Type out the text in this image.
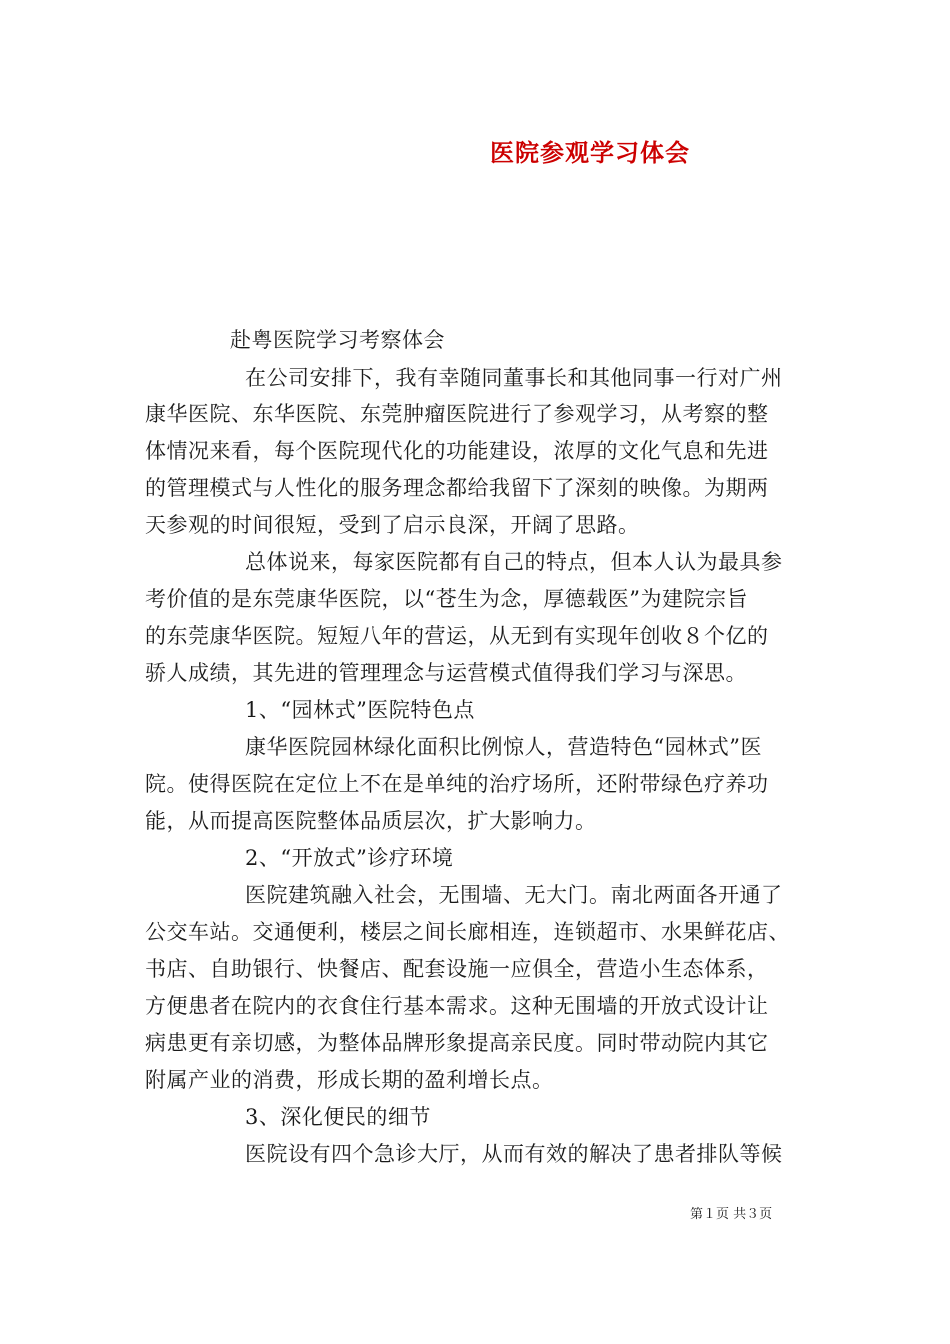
医院参观学习体会
赴粤医院学习考察体会
在公司安排下，我有幸随同董事长和其他同事一行对广州
康华医院、东华医院、东莞肿瘤医院进行了参观学习，从考察的整
体情况来看，每个医院现代化的功能建设，浓厚的文化气息和先进
的管理模式与人性化的服务理念都给我留下了深刻的映像。为期两
天参观的时间很短，受到了启示良深，开阔了思路。
总体说来，每家医院都有自己的特点，但本人认为最具参
考价值的是东莞康华医院，以“苍生为念，厚德载医”为建院宗旨
的东莞康华医院。短短八年的营运，从无到有实现年创收８个亿的
骄人成绩，其先进的管理理念与运营模式值得我们学习与深思。
1、“园林式”医院特色点
康华医院园林绿化面积比例惊人，营造特色“园林式”医
院。使得医院在定位上不在是单纯的治疗场所，还附带绿色疗养功
能，从而提高医院整体品质层次，扩大影响力。
2、“开放式”诊疗环境
医院建筑融入社会，无围墙、无大门。南北两面各开通了
公交车站。交通便利，楼层之间长廊相连，连锁超市、水果鲜花店、
书店、自助银行、快餐店、配套设施一应俱全，营造小生态体系，
方便患者在院内的衣食住行基本需求。这种无围墙的开放式设计让
病患更有亲切感，为整体品牌形象提高亲民度。同时带动院内其它
附属产业的消费，形成长期的盈利增长点。
3、深化便民的细节
医院设有四个急诊大厅，从而有效的解决了患者排队等候
第１页 共３页
